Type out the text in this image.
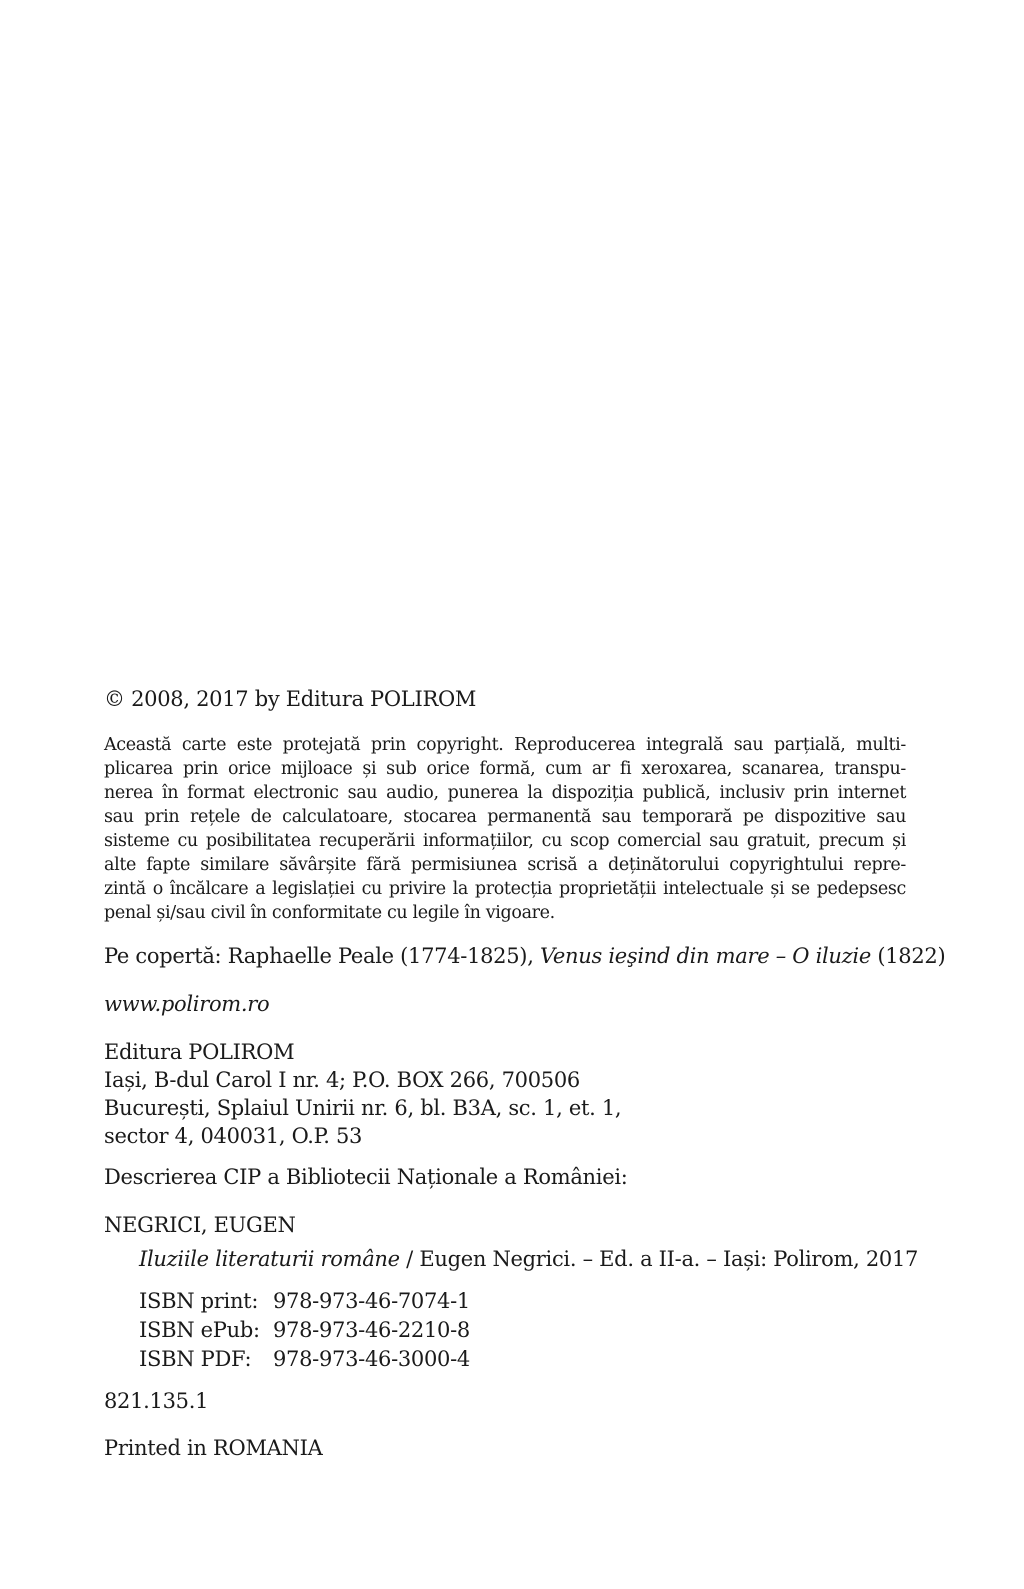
© 2008, 2017 by Editura POLIROM
Această carte este protejată prin copyright. Reproducerea integrală sau parțială, multi-
plicarea prin orice mijloace și sub orice formă, cum ar fi xeroxarea, scanarea, transpu-
nerea în format electronic sau audio, punerea la dispoziția publică, inclusiv prin internet
sau prin rețele de calculatoare, stocarea permanentă sau temporară pe dispozitive sau
sisteme cu posibilitatea recuperării informațiilor, cu scop comercial sau gratuit, precum și
alte fapte similare săvârșite fără permisiunea scrisă a deținătorului copyrightului repre-
zintă o încălcare a legislației cu privire la protecția proprietății intelectuale și se pedepsesc
penal și/sau civil în conformitate cu legile în vigoare.
Pe copertă: Raphaelle Peale (1774-1825), Venus ieşind din mare – O iluzie (1822)
www.polirom.ro
Editura POLIROM
Iași, B-dul Carol I nr. 4; P.O. BOX 266, 700506
București, Splaiul Unirii nr. 6, bl. B3A, sc. 1, et. 1,
sector 4, 040031, O.P. 53
Descrierea CIP a Bibliotecii Naționale a României:
NEGRICI, EUGEN
Iluziile literaturii române / Eugen Negrici. – Ed. a II-a. – Iași: Polirom, 2017
ISBN print: 978-973-46-7074-1
ISBN ePub: 978-973-46-2210-8
ISBN PDF: 978-973-46-3000-4
821.135.1
Printed in ROMANIA
